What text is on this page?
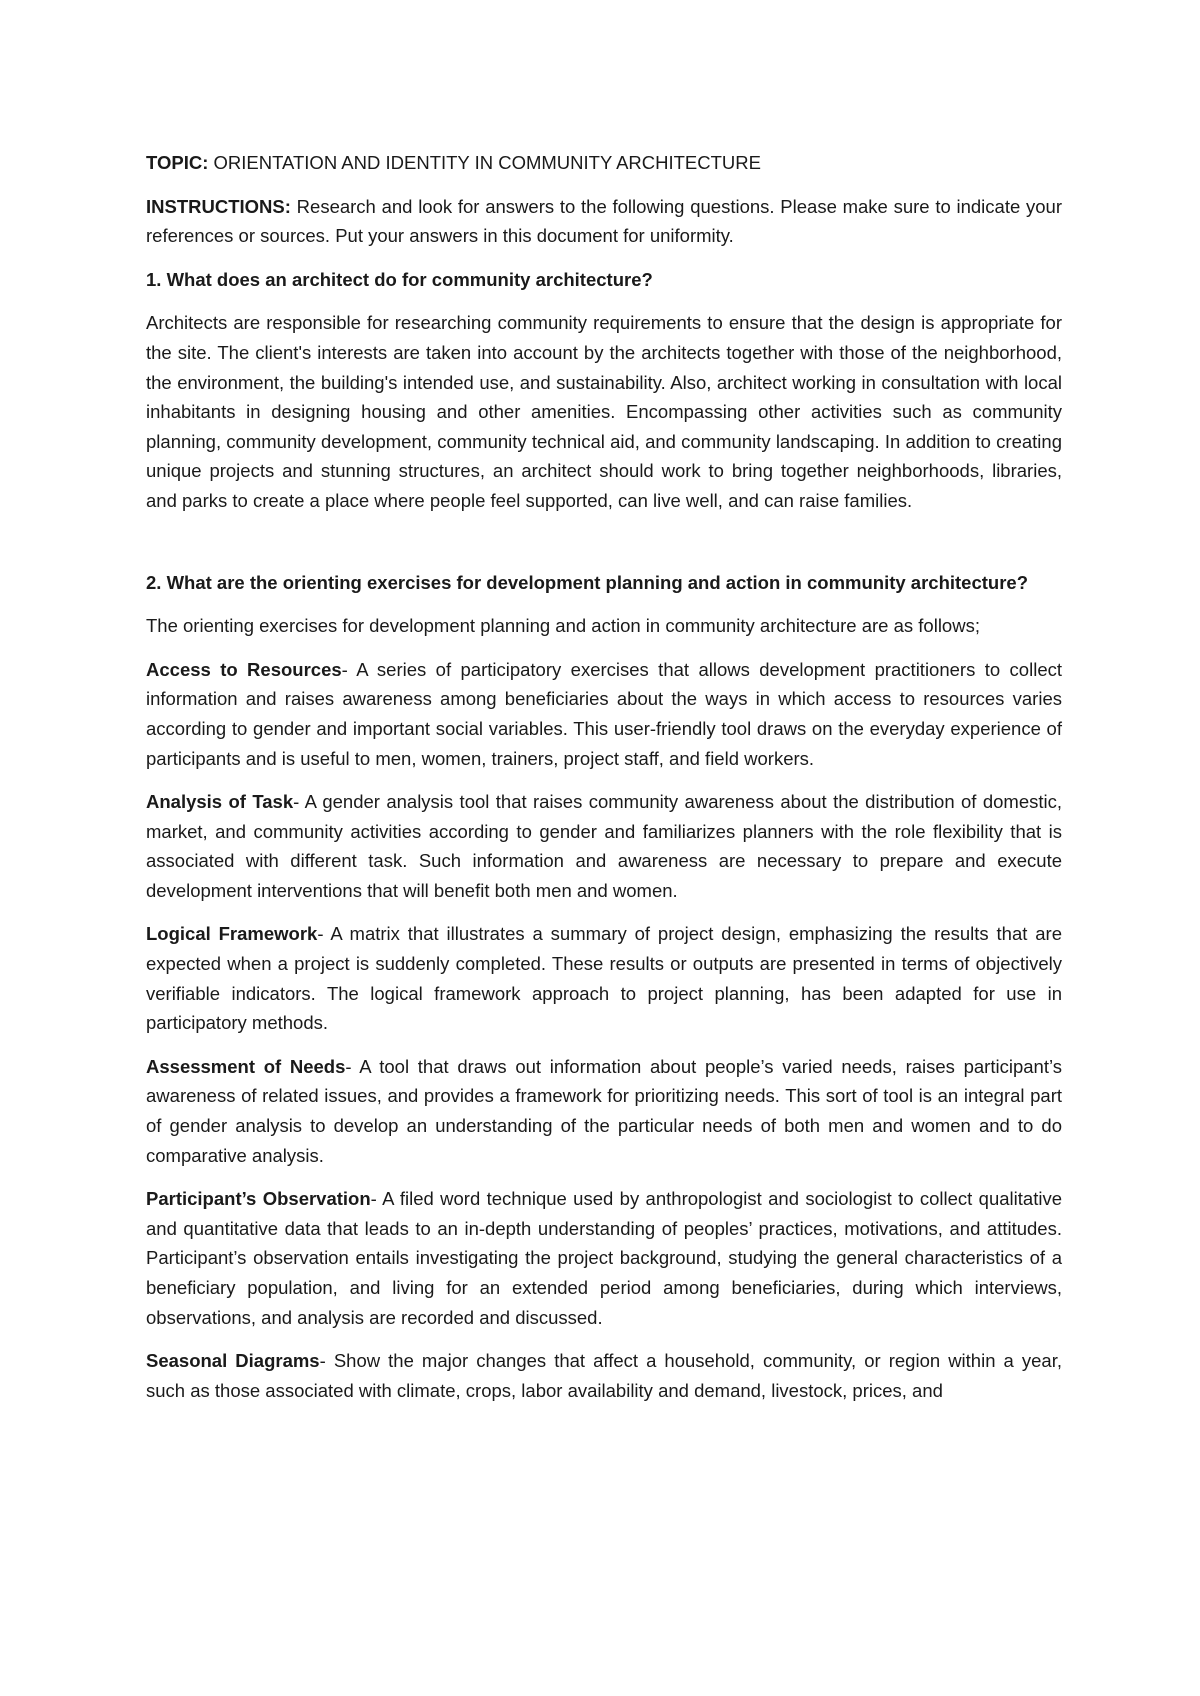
TOPIC: ORIENTATION AND IDENTITY IN COMMUNITY ARCHITECTURE

INSTRUCTIONS: Research and look for answers to the following questions. Please make sure to indicate your references or sources. Put your answers in this document for uniformity.

1. What does an architect do for community architecture?

Architects are responsible for researching community requirements to ensure that the design is appropriate for the site. The client's interests are taken into account by the architects together with those of the neighborhood, the environment, the building's intended use, and sustainability. Also, architect working in consultation with local inhabitants in designing housing and other amenities. Encompassing other activities such as community planning, community development, community technical aid, and community landscaping. In addition to creating unique projects and stunning structures, an architect should work to bring together neighborhoods, libraries, and parks to create a place where people feel supported, can live well, and can raise families.

2. What are the orienting exercises for development planning and action in community architecture?

The orienting exercises for development planning and action in community architecture are as follows;

Access to Resources- A series of participatory exercises that allows development practitioners to collect information and raises awareness among beneficiaries about the ways in which access to resources varies according to gender and important social variables. This user-friendly tool draws on the everyday experience of participants and is useful to men, women, trainers, project staff, and field workers.

Analysis of Task- A gender analysis tool that raises community awareness about the distribution of domestic, market, and community activities according to gender and familiarizes planners with the role flexibility that is associated with different task. Such information and awareness are necessary to prepare and execute development interventions that will benefit both men and women.

Logical Framework- A matrix that illustrates a summary of project design, emphasizing the results that are expected when a project is suddenly completed. These results or outputs are presented in terms of objectively verifiable indicators. The logical framework approach to project planning, has been adapted for use in participatory methods.

Assessment of Needs- A tool that draws out information about people’s varied needs, raises participant’s awareness of related issues, and provides a framework for prioritizing needs. This sort of tool is an integral part of gender analysis to develop an understanding of the particular needs of both men and women and to do comparative analysis.

Participant’s Observation- A filed word technique used by anthropologist and sociologist to collect qualitative and quantitative data that leads to an in-depth understanding of peoples’ practices, motivations, and attitudes. Participant’s observation entails investigating the project background, studying the general characteristics of a beneficiary population, and living for an extended period among beneficiaries, during which interviews, observations, and analysis are recorded and discussed.

Seasonal Diagrams- Show the major changes that affect a household, community, or region within a year, such as those associated with climate, crops, labor availability and demand, livestock, prices, and
